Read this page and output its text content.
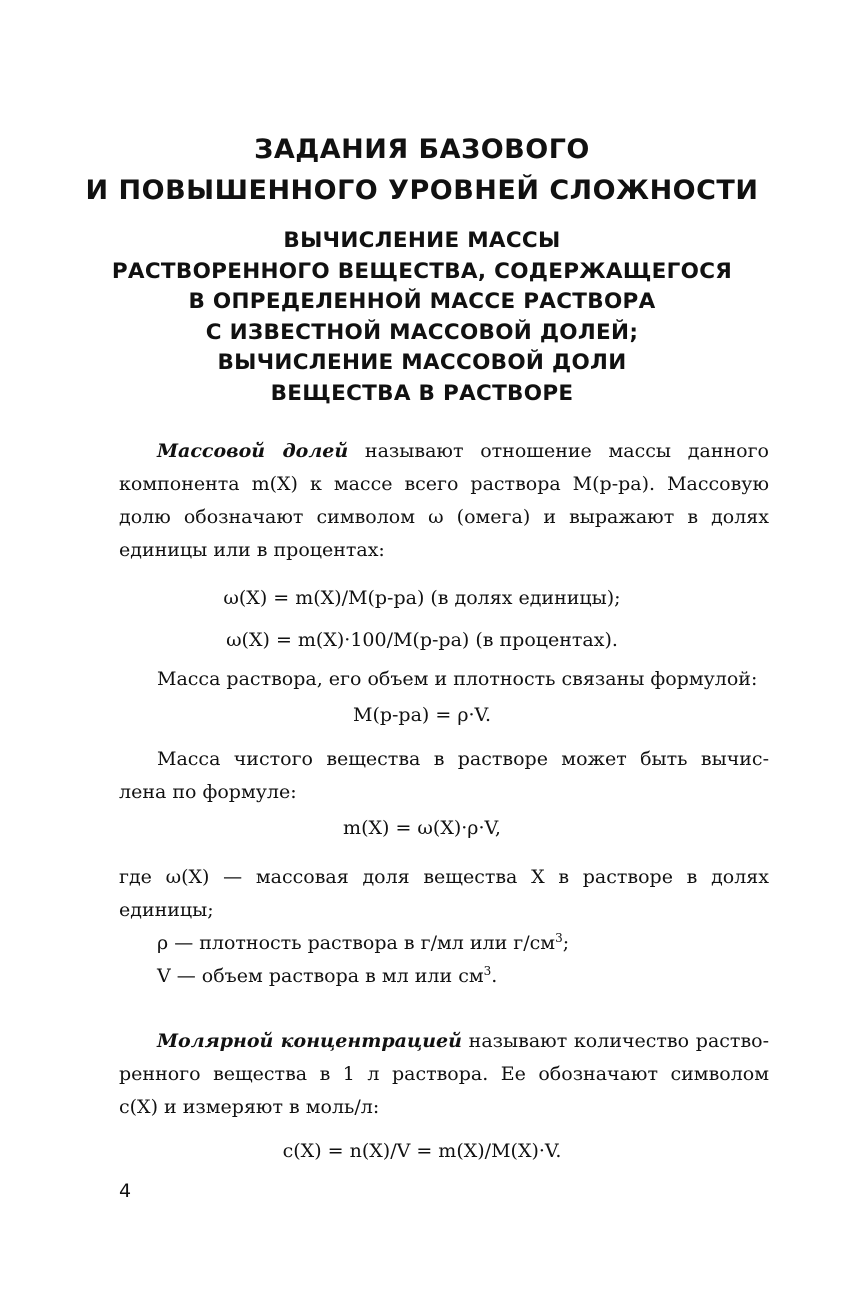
ЗАДАНИЯ БАЗОВОГО
И ПОВЫШЕННОГО УРОВНЕЙ СЛОЖНОСТИ
ВЫЧИСЛЕНИЕ МАССЫ
РАСТВОРЕННОГО ВЕЩЕСТВА, СОДЕРЖАЩЕГОСЯ
В ОПРЕДЕЛЕННОЙ МАССЕ РАСТВОРА
С ИЗВЕСТНОЙ МАССОВОЙ ДОЛЕЙ;
ВЫЧИСЛЕНИЕ МАССОВОЙ ДОЛИ
ВЕЩЕСТВА В РАСТВОРЕ
Массовой долей называют отношение массы данного
компонента m(X) к массе всего раствора M(р-ра). Массовую
долю обозначают символом ω (омега) и выражают в долях
единицы или в процентах:
ω(X) = m(X)/M(р-ра) (в долях единицы);
ω(X) = m(X)·100/M(р-ра) (в процентах).
Масса раствора, его объем и плотность связаны формулой:
M(р-ра) = ρ·V.
Масса чистого вещества в растворе может быть вычис-
лена по формуле:
m(X) = ω(X)·ρ·V,
где ω(X) — массовая доля вещества X в растворе в долях
единицы;
ρ — плотность раствора в г/мл или $г/см^3$;
V — объем раствора в мл или $см^3$.
Молярной концентрацией называют количество раство-
ренного вещества в 1 л раствора. Ее обозначают символом
c(X) и измеряют в моль/л:
c(X) = n(X)/V = m(X)/M(X)·V.
4
